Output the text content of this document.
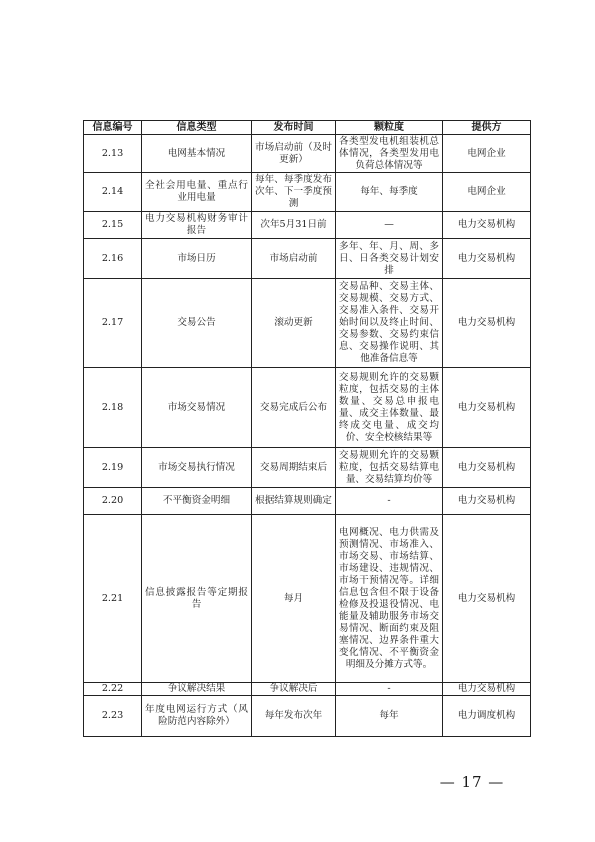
信息编号	信息类型	发布时间	颗粒度	提供方
2.13	电网基本情况	市场启动前（及时更新）	各类型发电机组装机总体情况，各类型发用电负荷总体情况等	电网企业
2.14	全社会用电量、重点行业用电量	每年、每季度发布次年、下一季度预测	每年、每季度	电网企业
2.15	电力交易机构财务审计报告	次年5月31日前	—	电力交易机构
2.16	市场日历	市场启动前	多年、年、月、周、多日、日各类交易计划安排	电力交易机构
2.17	交易公告	滚动更新	交易品种、交易主体、交易规模、交易方式、交易准入条件、交易开始时间以及终止时间、交易参数、交易约束信息、交易操作说明、其他准备信息等	电力交易机构
2.18	市场交易情况	交易完成后公布	交易规则允许的交易颗粒度，包括交易的主体数量、交易总申报电量、成交主体数量、最终成交电量、成交均价、安全校核结果等	电力交易机构
2.19	市场交易执行情况	交易周期结束后	交易规则允许的交易颗粒度，包括交易结算电量、交易结算均价等	电力交易机构
2.20	不平衡资金明细	根据结算规则确定	-	电力交易机构
2.21	信息披露报告等定期报告	每月	电网概况、电力供需及预测情况、市场准入、市场交易、市场结算、市场建设、违规情况、市场干预情况等。详细信息包含但不限于设备检修及投退役情况、电能量及辅助服务市场交易情况、断面约束及阻塞情况、边界条件重大变化情况、不平衡资金明细及分摊方式等。	电力交易机构
2.22	争议解决结果	争议解决后	-	电力交易机构
2.23	年度电网运行方式（风险防范内容除外）	每年发布次年	每年	电力调度机构
— 17 —
